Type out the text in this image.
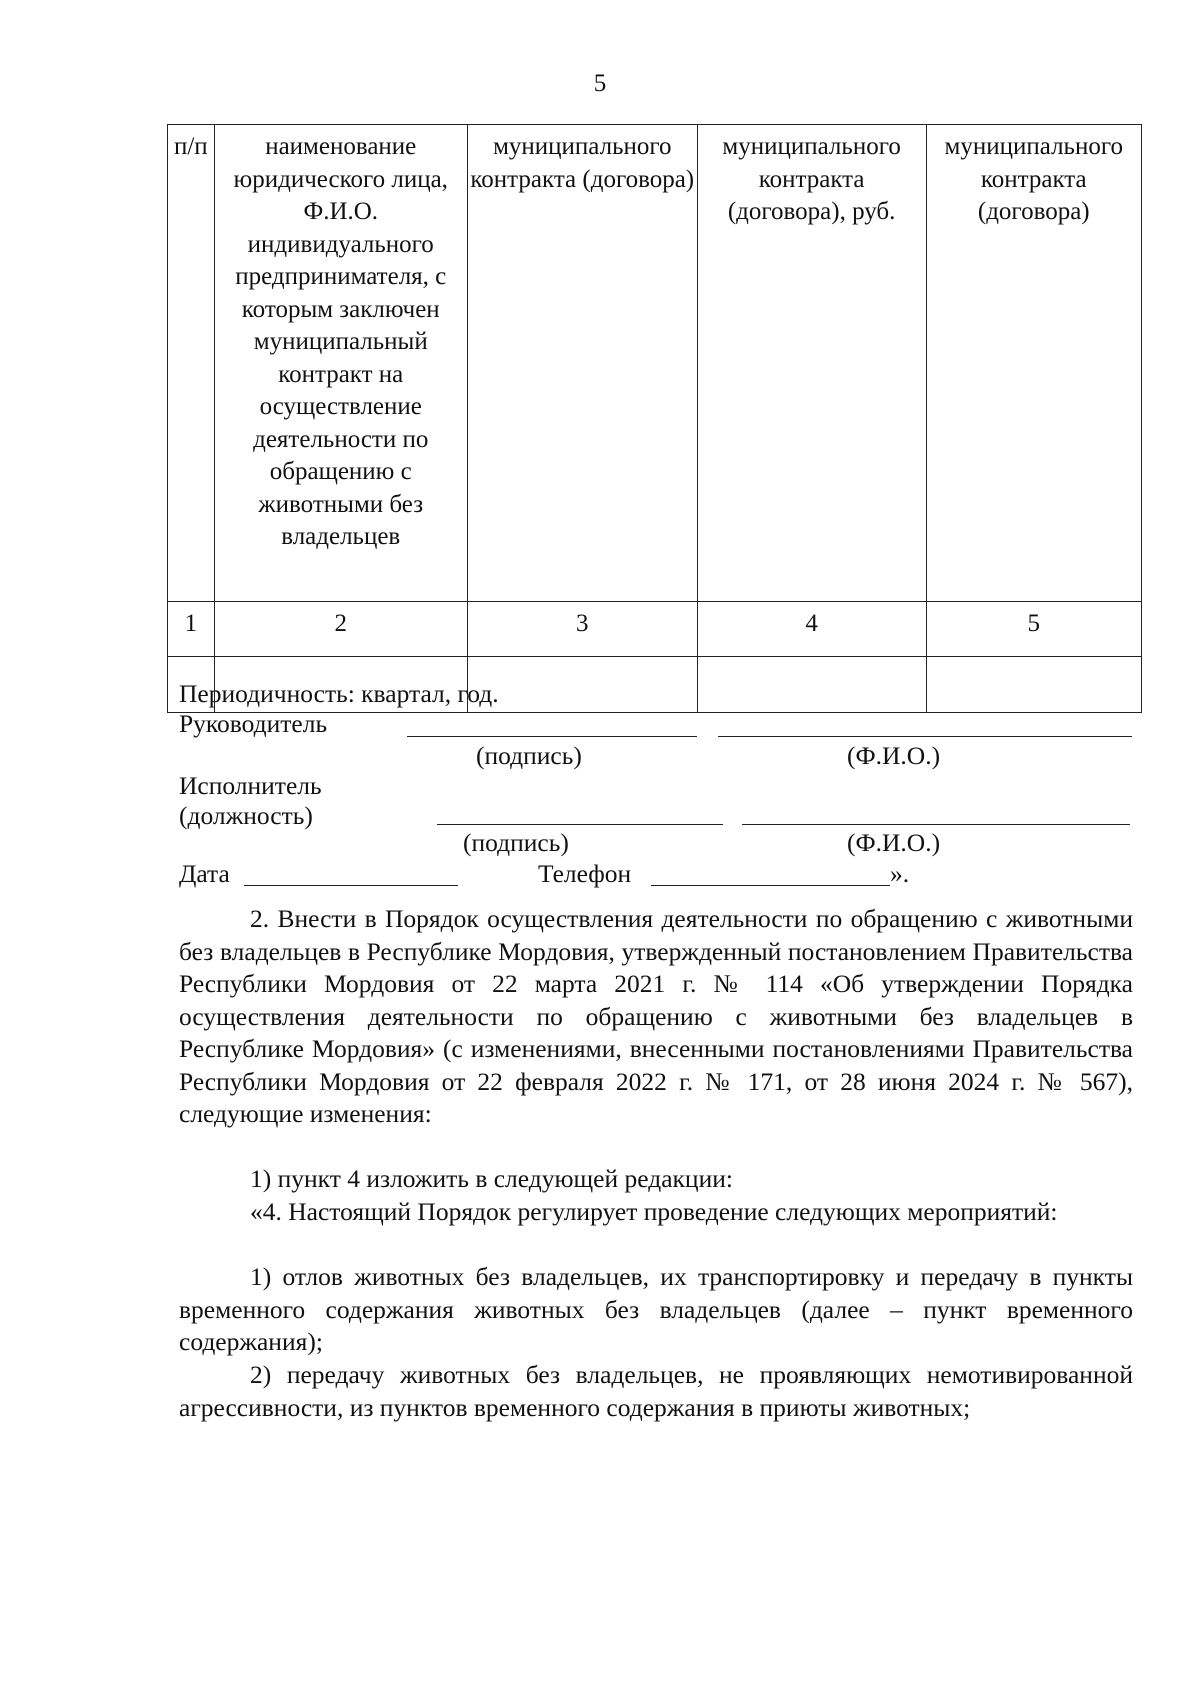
5
п/п	наименование юридического лица, Ф.И.О. индивидуального предпринимателя, с которым заключен муниципальный контракт на осуществление деятельности по обращению с животными без владельцев	муниципального контракта (договора)	муниципального контракта (договора), руб.	муниципального контракта (договора)
1	2	3	4	5

Периодичность: квартал, год.
Руководитель
(подпись)	(Ф.И.О.)
Исполнитель
(должность)
(подпись)	(Ф.И.О.)
Дата	Телефон	».
2. Внести в Порядок осуществления деятельности по обращению с животными без владельцев в Республике Мордовия, утвержденный постановлением Правительства Республики Мордовия от 22 марта 2021 г. № 114 «Об утверждении Порядка осуществления деятельности по обращению с животными без владельцев в Республике Мордовия» (с изменениями, внесенными постановлениями Правительства Республики Мордовия от 22 февраля 2022 г. № 171, от 28 июня 2024 г. № 567), следующие изменения:
1) пункт 4 изложить в следующей редакции:
«4. Настоящий Порядок регулирует проведение следующих мероприятий:
1) отлов животных без владельцев, их транспортировку и передачу в пункты временного содержания животных без владельцев (далее – пункт временного содержания);
2) передачу животных без владельцев, не проявляющих немотивированной агрессивности, из пунктов временного содержания в приюты животных;
